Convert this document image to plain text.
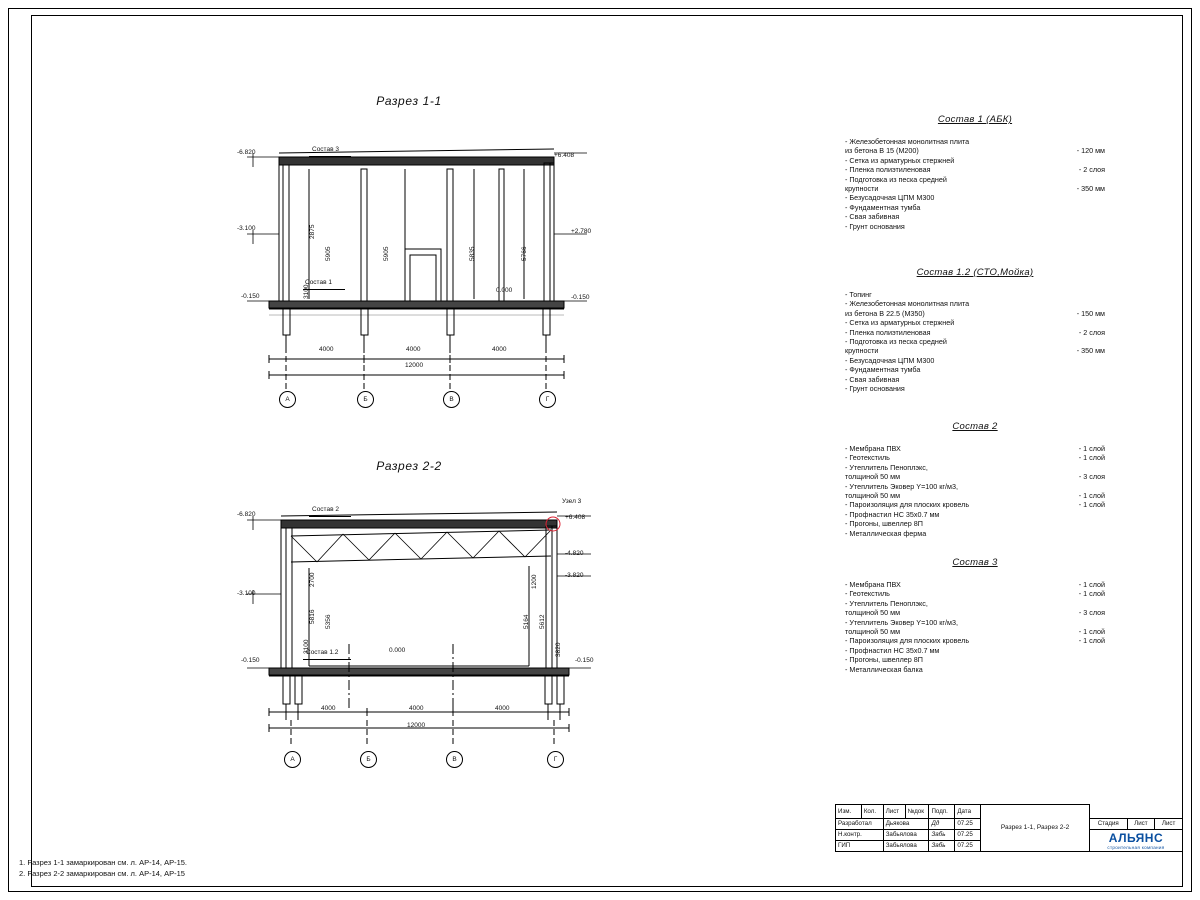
Разрез 1-1
-6.820	+6.408
-3.100	+2.780
-0.150
0.000
-0.150
Состав 3
Состав 1
2875
5905	5905	5835	5766
3100
4000	4000	4000
12000
А	Б	В	Г
Разрез 2-2
-6.820	+6.408
-4.820
-3.820
-3.100
0.000
-0.150	-0.150
Состав 2
Состав 1.2
Узел 3
2700
5356
5816	5164 5612
3820
3100
1200
4000	4000	4000
12000
А	Б	В	Г
Состав 1 (АБК)
- Железобетонная монолитная плита
из бетона В 15 (М200)	- 120 мм
- Сетка из арматурных стержней
- Пленка полиэтиленовая	- 2 слоя
- Подготовка из песка средней
крупности	- 350 мм
- Безусадочная ЦПМ М300
- Фундаментная тумба
- Свая забивная
- Грунт основания
Состав 1.2 (СТО,Мойка)
- Топинг
- Железобетонная монолитная плита
из бетона В 22.5 (М350)	- 150 мм
- Сетка из арматурных стержней
- Пленка полиэтиленовая	- 2 слоя
- Подготовка из песка средней
крупности	- 350 мм
- Безусадочная ЦПМ М300
- Фундаментная тумба
- Свая забивная
- Грунт основания
Состав 2
- Мембрана ПВХ	- 1 слой
- Геотекстиль	- 1 слой
- Утеплитель Пеноплэкс,
толщиной 50 мм	- 3 слоя
- Утеплитель Эковер Y=100 кг/м3,
толщиной 50 мм	- 1 слой
- Пароизоляция для плоских кровель	- 1 слой
- Профнастил НС 35х0.7 мм
- Прогоны, швеллер 8П
- Металлическая ферма
Состав 3
- Мембрана ПВХ	- 1 слой
- Геотекстиль	- 1 слой
- Утеплитель Пеноплэкс,
толщиной 50 мм	- 3 слоя
- Утеплитель Эковер Y=100 кг/м3,
толщиной 50 мм	- 1 слой
- Пароизоляция для плоских кровель	- 1 слой
- Профнастил НС 35х0.7 мм
- Прогоны, швеллер 8П
- Металлическая балка
1. Разрез 1-1 замаркирован см. л. АР-14, АР-15.
2. Разрез 2-2 замаркирован см. л. АР-14, АР-15

	Изм.	Кол.	Лист	№док	Подп.	Дата	Разрез 1-1, Разрез 2-2			
	Разработал		Дьякова		Дд	07.25		Стадия	Лист	Лист
	Н.контр.		Забьялова		Забь	07.25		АЛЬЯНС
строительная компания		

	ГИП		Забьялова		Забь	07.25				
